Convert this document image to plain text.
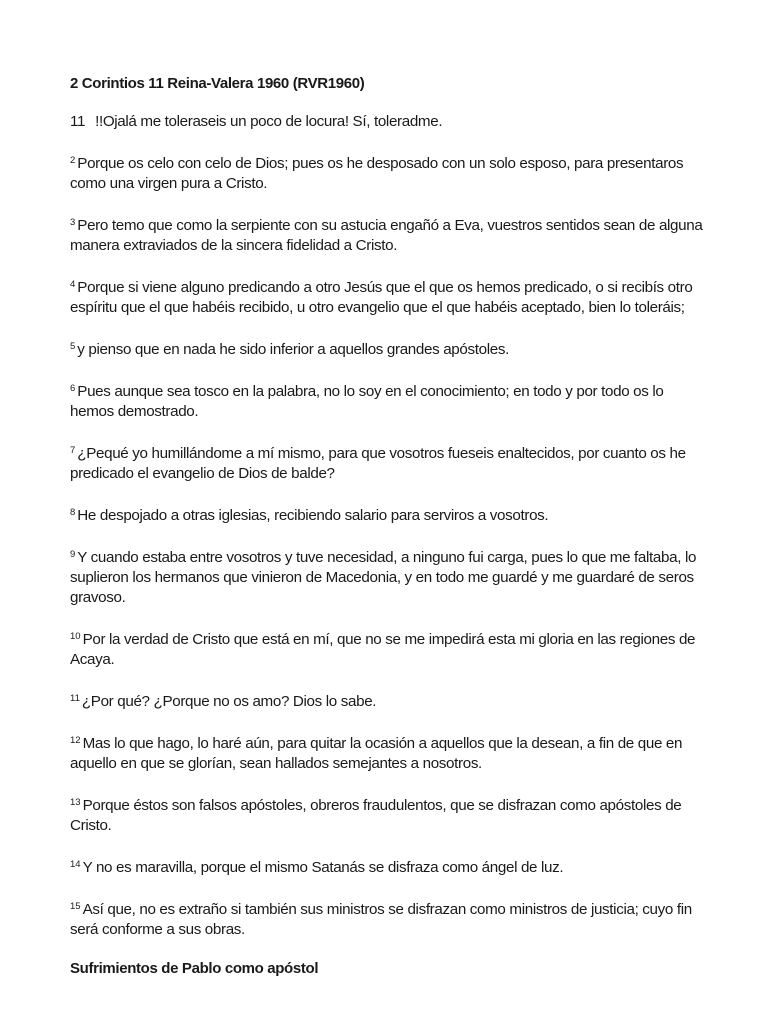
2 Corintios 11 Reina-Valera 1960 (RVR1960)

11 !!Ojalá me toleraseis un poco de locura! Sí, toleradme.

$^2$ Porque os celo con celo de Dios; pues os he desposado con un solo esposo, para presentaros como una virgen pura a Cristo.

$^3$ Pero temo que como la serpiente con su astucia engañó a Eva, vuestros sentidos sean de alguna manera extraviados de la sincera fidelidad a Cristo.

$^4$ Porque si viene alguno predicando a otro Jesús que el que os hemos predicado, o si recibís otro espíritu que el que habéis recibido, u otro evangelio que el que habéis aceptado, bien lo toleráis;

$^5$ y pienso que en nada he sido inferior a aquellos grandes apóstoles.

$^6$ Pues aunque sea tosco en la palabra, no lo soy en el conocimiento; en todo y por todo os lo hemos demostrado.

$^7$ ¿Pequé yo humillándome a mí mismo, para que vosotros fueseis enaltecidos, por cuanto os he predicado el evangelio de Dios de balde?

$^8$ He despojado a otras iglesias, recibiendo salario para serviros a vosotros.

$^9$ Y cuando estaba entre vosotros y tuve necesidad, a ninguno fui carga, pues lo que me faltaba, lo suplieron los hermanos que vinieron de Macedonia, y en todo me guardé y me guardaré de seros gravoso.

$^{10}$ Por la verdad de Cristo que está en mí, que no se me impedirá esta mi gloria en las regiones de Acaya.

$^{11}$ ¿Por qué? ¿Porque no os amo? Dios lo sabe.

$^{12}$ Mas lo que hago, lo haré aún, para quitar la ocasión a aquellos que la desean, a fin de que en aquello en que se glorían, sean hallados semejantes a nosotros.

$^{13}$ Porque éstos son falsos apóstoles, obreros fraudulentos, que se disfrazan como apóstoles de Cristo.

$^{14}$ Y no es maravilla, porque el mismo Satanás se disfraza como ángel de luz.

$^{15}$ Así que, no es extraño si también sus ministros se disfrazan como ministros de justicia; cuyo fin será conforme a sus obras.

Sufrimientos de Pablo como apóstol
